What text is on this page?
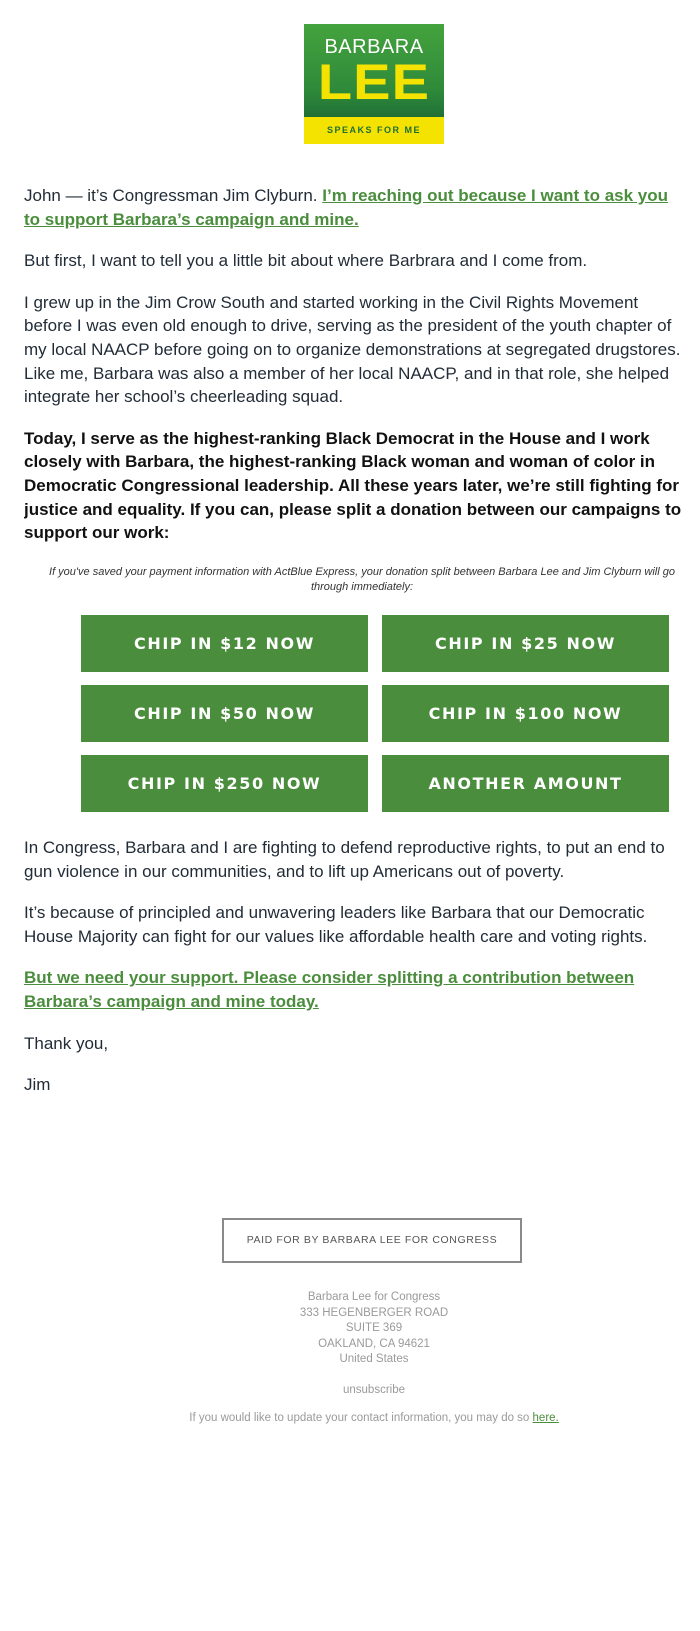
BARBARA
LEE
SPEAKS FOR ME

John — it’s Congressman Jim Clyburn. I’m reaching out because I want to ask you
to support Barbara’s campaign and mine.

But first, I want to tell you a little bit about where Barbrara and I come from.

I grew up in the Jim Crow South and started working in the Civil Rights Movement
before I was even old enough to drive, serving as the president of the youth chapter of
my local NAACP before going on to organize demonstrations at segregated drugstores.
Like me, Barbara was also a member of her local NAACP, and in that role, she helped
integrate her school’s cheerleading squad.

Today, I serve as the highest-ranking Black Democrat in the House and I work
closely with Barbara, the highest-ranking Black woman and woman of color in
Democratic Congressional leadership. All these years later, we’re still fighting for
justice and equality. If you can, please split a donation between our campaigns to
support our work:

If you've saved your payment information with ActBlue Express, your donation split between Barbara Lee and Jim Clyburn will go
through immediately:
CHIP IN $12 NOW	CHIP IN $25 NOW
CHIP IN $50 NOW	CHIP IN $100 NOW
CHIP IN $250 NOW	ANOTHER AMOUNT

In Congress, Barbara and I are fighting to defend reproductive rights, to put an end to
gun violence in our communities, and to lift up Americans out of poverty.

It’s because of principled and unwavering leaders like Barbara that our Democratic
House Majority can fight for our values like affordable health care and voting rights.

But we need your support. Please consider splitting a contribution between
Barbara’s campaign and mine today.

Thank you,

Jim

PAID FOR BY BARBARA LEE FOR CONGRESS
Barbara Lee for Congress
333 HEGENBERGER ROAD
SUITE 369
OAKLAND, CA 94621
United States
unsubscribe
If you would like to update your contact information, you may do so here.
